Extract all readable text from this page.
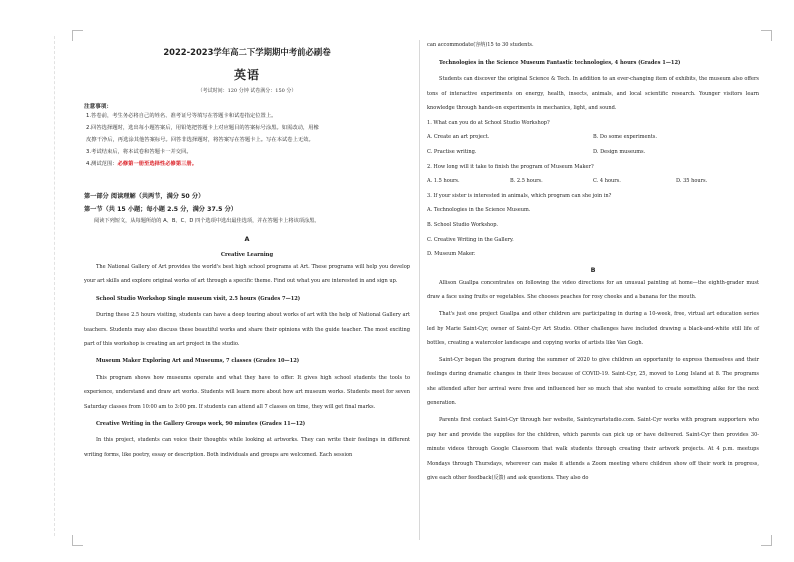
2022-2023学年高二下学期期中考前必刷卷

英语

（考试时间：120 分钟 试卷满分：150 分）

注意事项：

1.答卷前，考生务必将自己的姓名、准考证号等填写在答题卡和试卷指定位置上。

2.回答选择题时，选出每小题答案后，用铅笔把答题卡上对应题目的答案标号涂黑。如需改动，用橡

皮擦干净后，再选涂其他答案标号。回答非选择题时，将答案写在答题卡上。写在本试卷上无效。

3.考试结束后，将本试卷和答题卡一并交回。

4.测试范围：必修第一册至选择性必修第三册。

第一部分 阅读理解（共两节，满分 50 分）

第一节（共 15 小题；每小题 2.5 分，满分 37.5 分）

阅读下列短文，从每题所给的 A、B、C、D 四个选项中选出最佳选项，并在答题卡上将该项涂黑。

A

Creative Learning

The National Gallery of Art provides the world's best high school programs at Art. These programs will help you develop your art skills and explore original works of art through a specific theme. Find out what you are interested in and sign up.

School Studio Workshop Single museum visit, 2.5 hours (Grades 7—12)

During these 2.5 hours visiting, students can have a deep touring about works of art with the help of National Gallery art teachers. Students may also discuss these beautiful works and share their opinions with the guide teacher. The most exciting part of this workshop is creating an art project in the studio.

Museum Maker Exploring Art and Museums, 7 classes (Grades 10—12)

This program shows how museums operate and what they have to offer. It gives high school students the tools to experience, understand and draw art works. Students will learn more about how art museum works. Students meet for seven Saturday classes from 10:00 am to 3:00 pm. If students can attend all 7 classes on time, they will get final marks.

Creative Writing in the Gallery Groups work, 90 minutes (Grades 11—12)

In this project, students can voice their thoughts while looking at artworks. They can write their feelings in different writing forms, like poetry, essay or description. Both individuals and groups are welcomed. Each session

can accommodate(容纳)15 to 30 students.

Technologies in the Science Museum Fantastic technologies, 4 hours (Grades 1—12)

Students can discover the original Science & Tech. In addition to an ever-changing item of exhibits, the museum also offers tons of interactive experiments on energy, health, insects, animals, and local scientific research. Younger visitors learn knowledge through hands-on experiments in mechanics, light, and sound.

1. What can you do at School Studio Workshop?

A. Create an art project.	B. Do some experiments.
C. Practise writing.	D. Design museums.

2. How long will it take to finish the program of Museum Maker?

A. 1.5 hours.	B. 2.5 hours.	C. 4 hours.	D. 35 hours.

3. If your sister is interested in animals, which program can she join in?

A. Technologies in the Science Museum.

B. School Studio Workshop.

C. Creative Writing in the Gallery.

D. Museum Maker.

B

Allison Guallpa concentrates on following the video directions for an unusual painting at home—the eighth-grader must draw a face using fruits or vegetables. She chooses peaches for rosy cheeks and a banana for the mouth.

That's just one project Guallpa and other children are participating in during a 10-week, free, virtual art education series led by Marie Saint-Cyr, owner of Saint-Cyr Art Studio. Other challenges have included drawing a black-and-white still life of bottles, creating a watercolor landscape and copying works of artists like Van Gogh.

Saint-Cyr began the program during the summer of 2020 to give children an opportunity to express themselves and their feelings during dramatic changes in their lives because of COVID-19. Saint-Cyr, 25, moved to Long Island at 8. The programs she attended after her arrival were free and influenced her so much that she wanted to create something alike for the next generation.

Parents first contact Saint-Cyr through her website, Saintcyrartstudio.com. Saint-Cyr works with program supporters who pay her and provide the supplies for the children, which parents can pick up or have delivered. Saint-Cyr then provides 30-minute videos through Google Classroom that walk students through creating their artwork projects. At 4 p.m. meetups Mondays through Thursdays, wherever can make it attends a Zoom meeting where children show off their work in progress, give each other feedback(反馈) and ask questions. They also do
